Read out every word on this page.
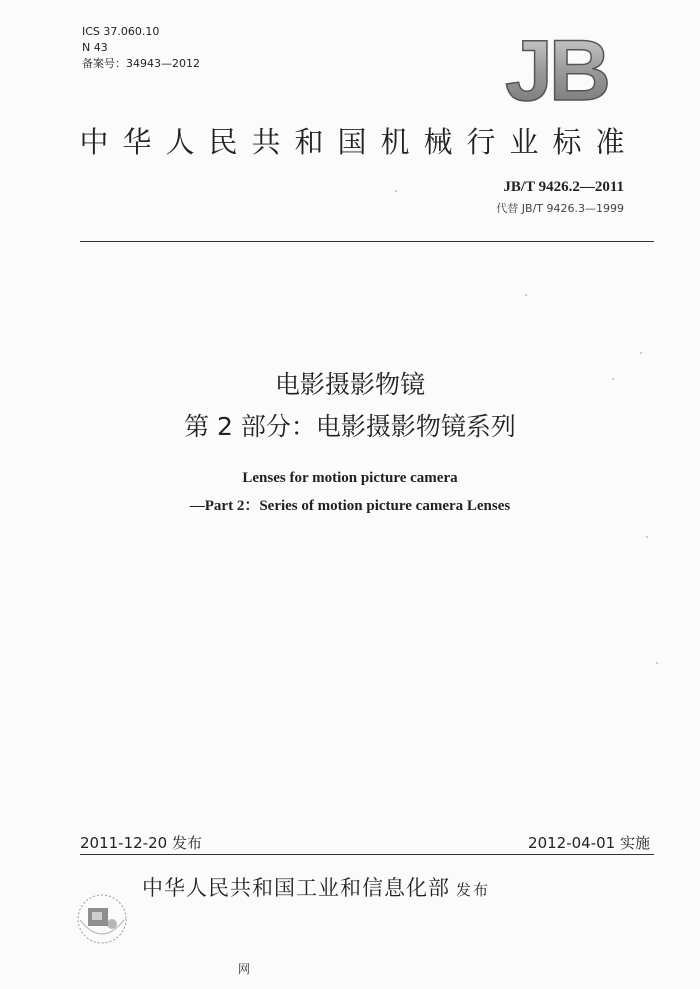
ICS 37.060.10
N 43
备案号：34943—2012	JB
中华人民共和国机械行业标准
JB/T 9426.2—2011
代替 JB/T 9426.3—1999
电影摄影物镜
第 2 部分：电影摄影物镜系列
Lenses for motion picture camera
—Part 2：Series of motion picture camera Lenses
2011-12-20 发布	2012-04-01 实施
中华人民共和国工业和信息化部 发布
网
